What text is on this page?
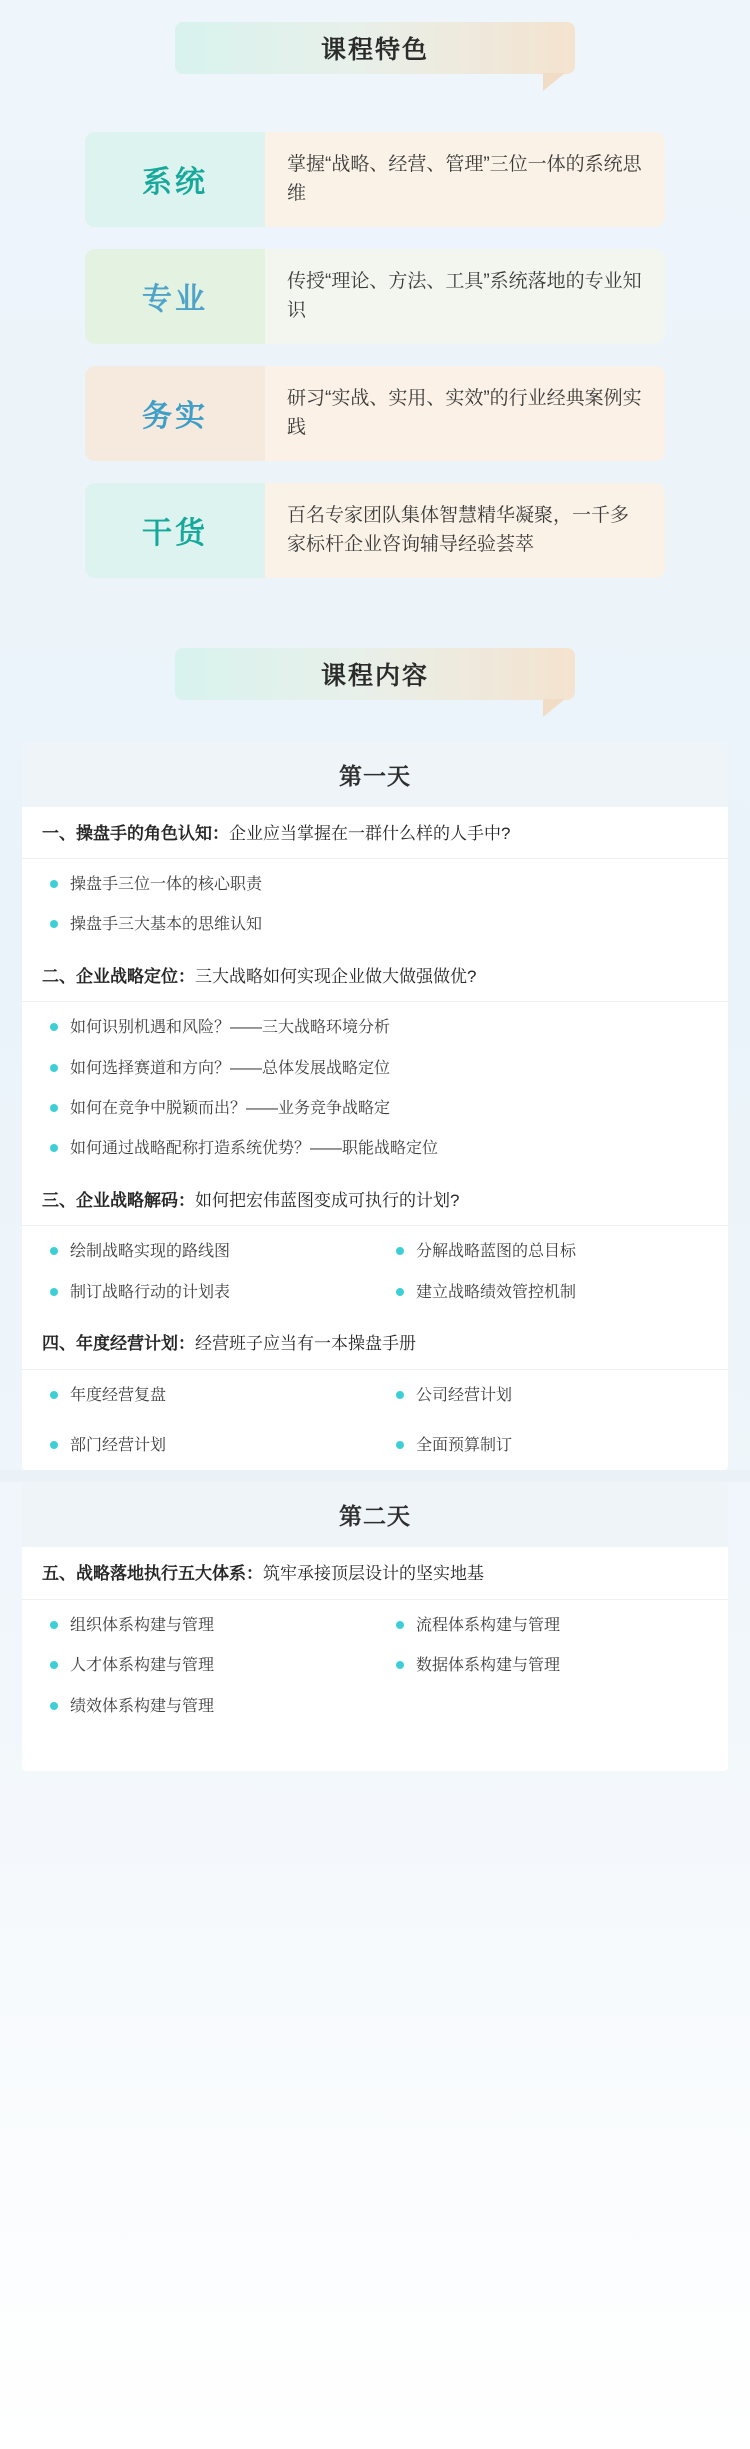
课程特色
系统
掌握“战略、经营、管理”三位一体的系统思维
专业
传授“理论、方法、工具”系统落地的专业知识
务实
研习“实战、实用、实效”的行业经典案例实践
干货
百名专家团队集体智慧精华凝聚，一千多家标杆企业咨询辅导经验荟萃
课程内容
第一天
一、操盘手的角色认知：企业应当掌握在一群什么样的人手中?
操盘手三位一体的核心职责
操盘手三大基本的思维认知
二、企业战略定位：三大战略如何实现企业做大做强做优?
如何识别机遇和风险？——三大战略环境分析
如何选择赛道和方向？——总体发展战略定位
如何在竞争中脱颖而出？——业务竞争战略定
如何通过战略配称打造系统优势？——职能战略定位
三、企业战略解码：如何把宏伟蓝图变成可执行的计划?
绘制战略实现的路线图	分解战略蓝图的总目标
制订战略行动的计划表	建立战略绩效管控机制
四、年度经营计划：经营班子应当有一本操盘手册
年度经营复盘	公司经营计划
部门经营计划	全面预算制订
第二天
五、战略落地执行五大体系：筑牢承接顶层设计的坚实地基
组织体系构建与管理	流程体系构建与管理
人才体系构建与管理	数据体系构建与管理
绩效体系构建与管理
